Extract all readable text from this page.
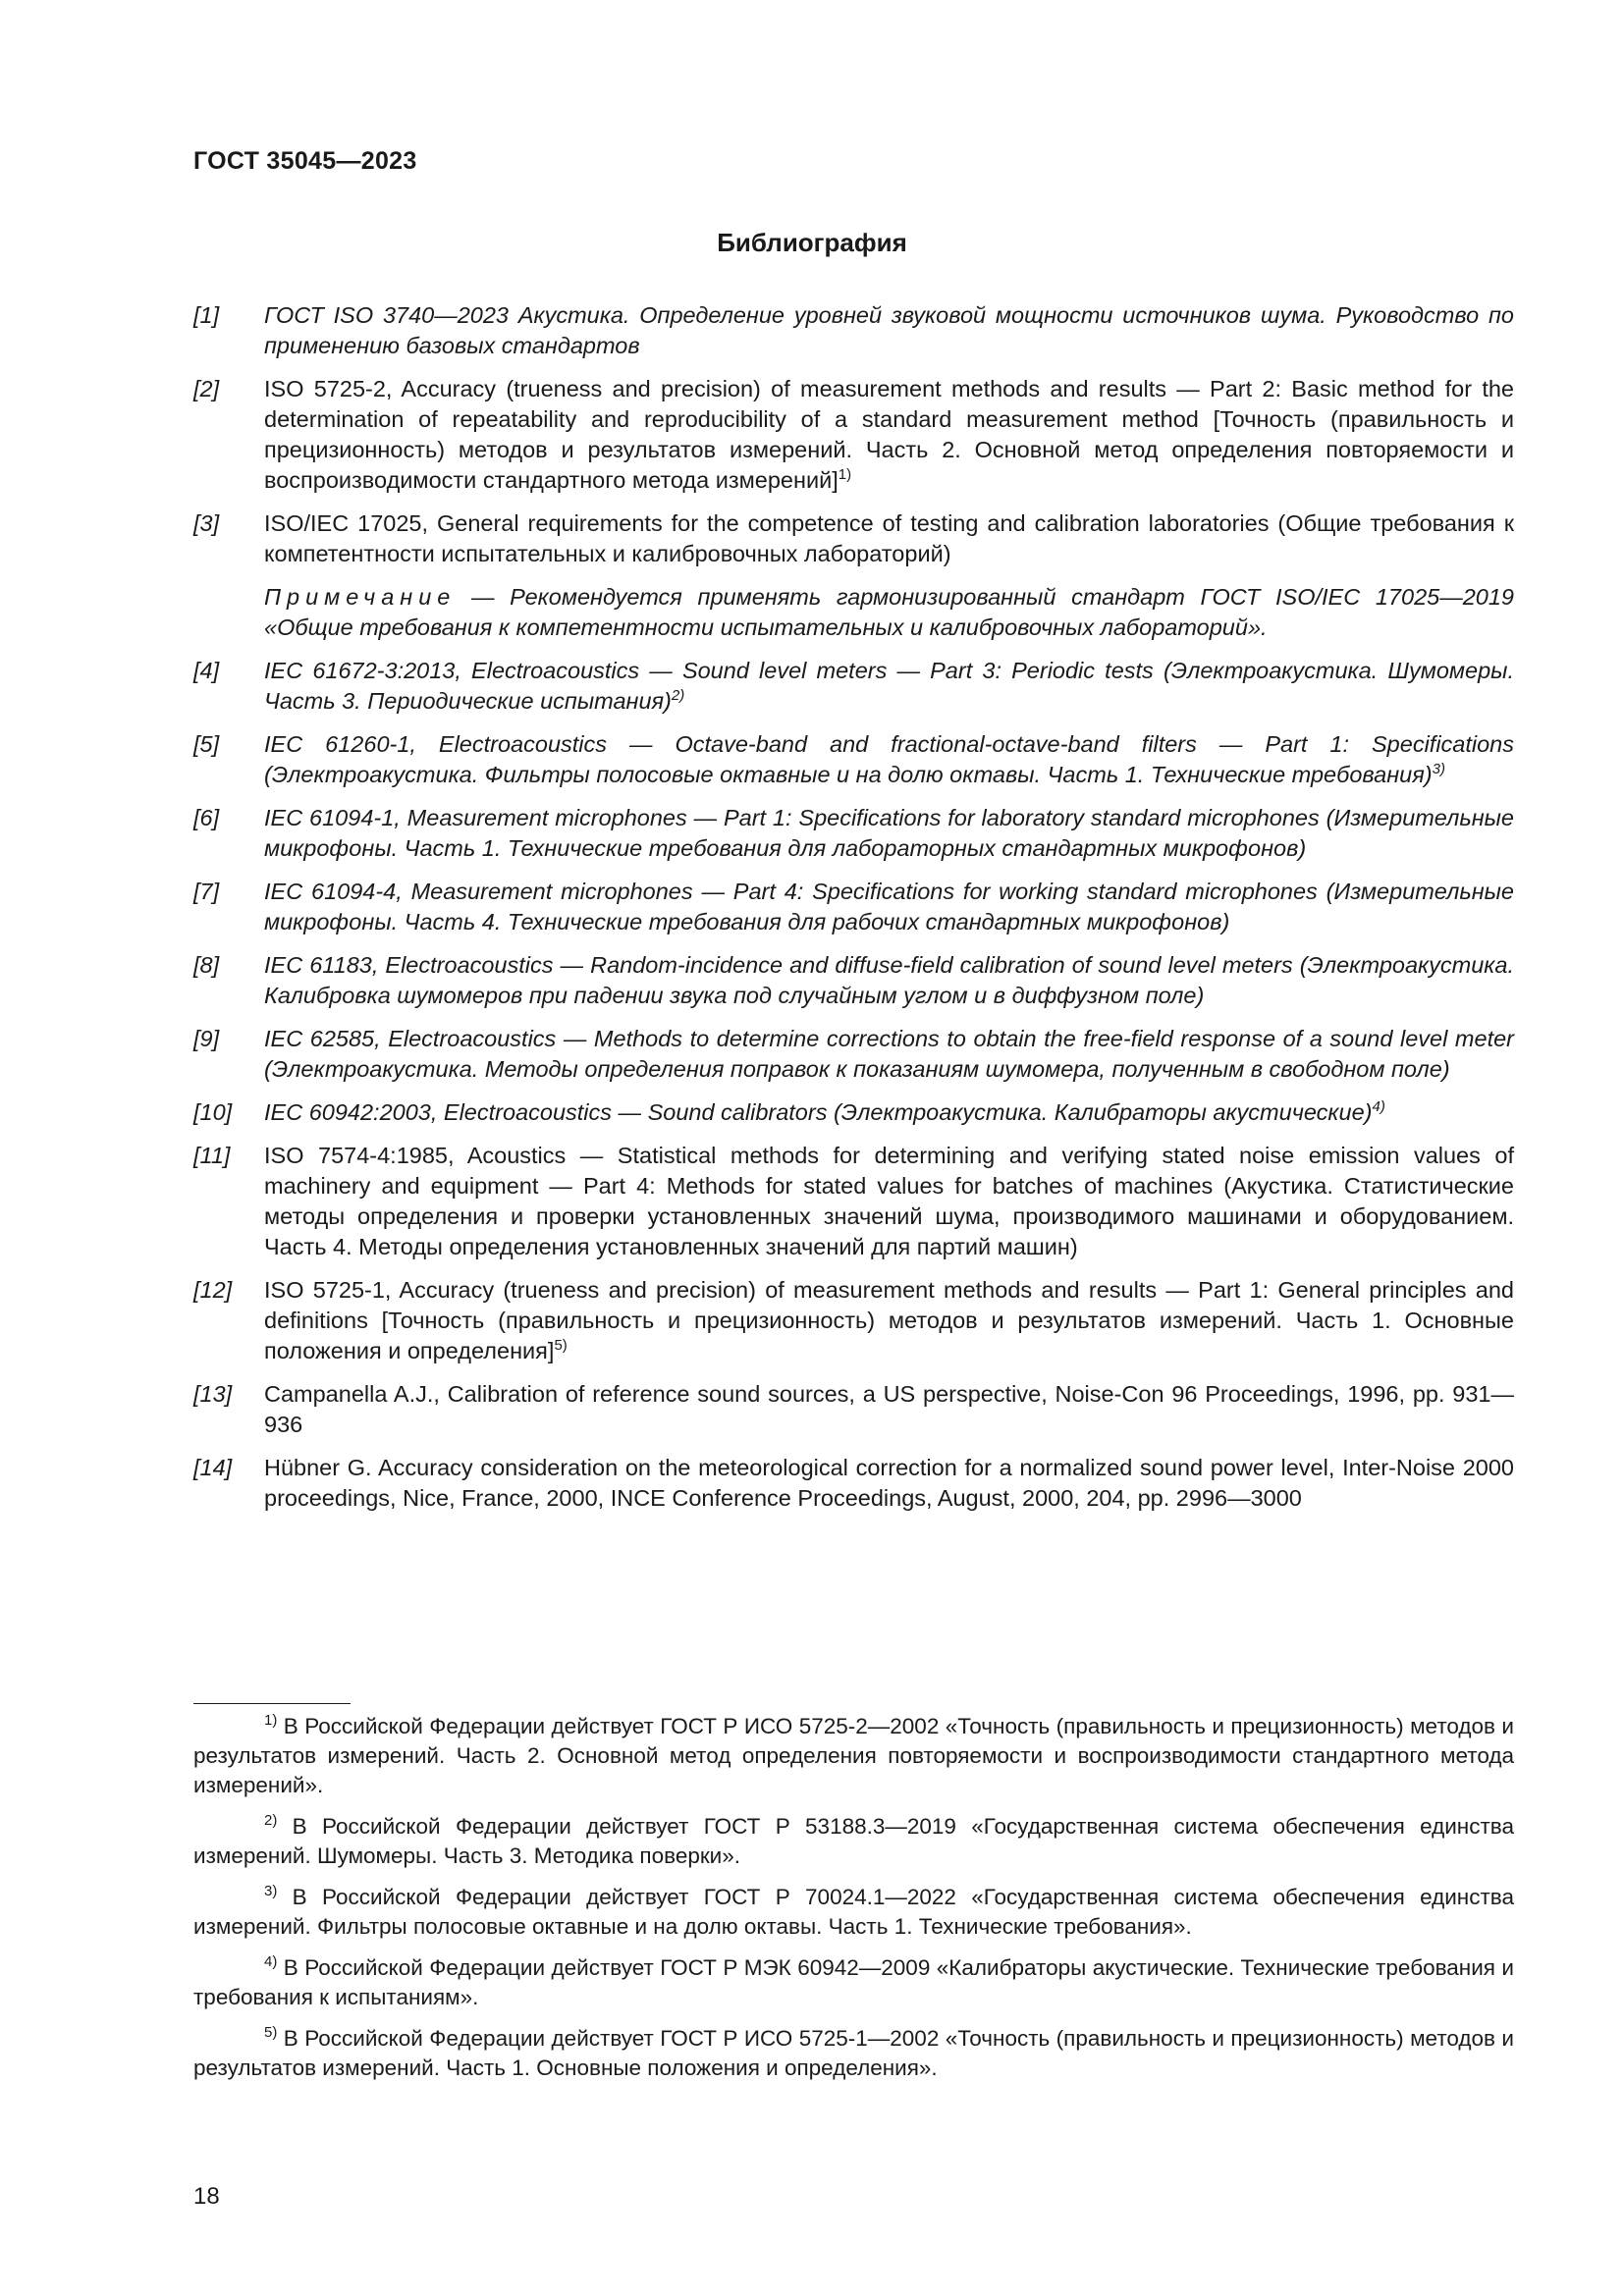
ГОСТ 35045—2023
Библиография
[1] ГОСТ ISO 3740—2023 Акустика. Определение уровней звуковой мощности источников шума. Руководство по применению базовых стандартов
[2] ISO 5725-2, Accuracy (trueness and precision) of measurement methods and results — Part 2: Basic method for the determination of repeatability and reproducibility of a standard measurement method [Точность (правильность и прецизионность) методов и результатов измерений. Часть 2. Основной метод определения повторяемости и воспроизводимости стандартного метода измерений]$^{1)}$
[3] ISO/IEC 17025, General requirements for the competence of testing and calibration laboratories (Общие требования к компетентности испытательных и калибровочных лабораторий)
Примечание — Рекомендуется применять гармонизированный стандарт ГОСТ ISO/IEC 17025—2019 «Общие требования к компетентности испытательных и калибровочных лабораторий».
[4] IEC 61672-3:2013, Electroacoustics — Sound level meters — Part 3: Periodic tests (Электроакустика. Шумомеры. Часть 3. Периодические испытания)$^{2)}$
[5] IEC 61260-1, Electroacoustics — Octave-band and fractional-octave-band filters — Part 1: Specifications (Электроакустика. Фильтры полосовые октавные и на долю октавы. Часть 1. Технические требования)$^{3)}$
[6] IEC 61094-1, Measurement microphones — Part 1: Specifications for laboratory standard microphones (Измерительные микрофоны. Часть 1. Технические требования для лабораторных стандартных микрофонов)
[7] IEC 61094-4, Measurement microphones — Part 4: Specifications for working standard microphones (Измерительные микрофоны. Часть 4. Технические требования для рабочих стандартных микрофонов)
[8] IEC 61183, Electroacoustics — Random-incidence and diffuse-field calibration of sound level meters (Электроакустика. Калибровка шумомеров при падении звука под случайным углом и в диффузном поле)
[9] IEC 62585, Electroacoustics — Methods to determine corrections to obtain the free-field response of a sound level meter (Электроакустика. Методы определения поправок к показаниям шумомера, полученным в свободном поле)
[10] IEC 60942:2003, Electroacoustics — Sound calibrators (Электроакустика. Калибраторы акустические)$^{4)}$
[11] ISO 7574-4:1985, Acoustics — Statistical methods for determining and verifying stated noise emission values of machinery and equipment — Part 4: Methods for stated values for batches of machines (Акустика. Статистические методы определения и проверки установленных значений шума, производимого машинами и оборудованием. Часть 4. Методы определения установленных значений для партий машин)
[12] ISO 5725-1, Accuracy (trueness and precision) of measurement methods and results — Part 1: General principles and definitions [Точность (правильность и прецизионность) методов и результатов измерений. Часть 1. Основные положения и определения]$^{5)}$
[13] Campanella A.J., Calibration of reference sound sources, a US perspective, Noise-Con 96 Proceedings, 1996, pp. 931—936
[14] Hübner G. Accuracy consideration on the meteorological correction for a normalized sound power level, Inter-Noise 2000 proceedings, Nice, France, 2000, INCE Conference Proceedings, August, 2000, 204, pp. 2996—3000
$^{1)}$ В Российской Федерации действует ГОСТ Р ИСО 5725-2—2002 «Точность (правильность и прецизионность) методов и результатов измерений. Часть 2. Основной метод определения повторяемости и воспроизводимости стандартного метода измерений».
$^{2)}$ В Российской Федерации действует ГОСТ Р 53188.3—2019 «Государственная система обеспечения единства измерений. Шумомеры. Часть 3. Методика поверки».
$^{3)}$ В Российской Федерации действует ГОСТ Р 70024.1—2022 «Государственная система обеспечения единства измерений. Фильтры полосовые октавные и на долю октавы. Часть 1. Технические требования».
$^{4)}$ В Российской Федерации действует ГОСТ Р МЭК 60942—2009 «Калибраторы акустические. Технические требования и требования к испытаниям».
$^{5)}$ В Российской Федерации действует ГОСТ Р ИСО 5725-1—2002 «Точность (правильность и прецизионность) методов и результатов измерений. Часть 1. Основные положения и определения».
18
